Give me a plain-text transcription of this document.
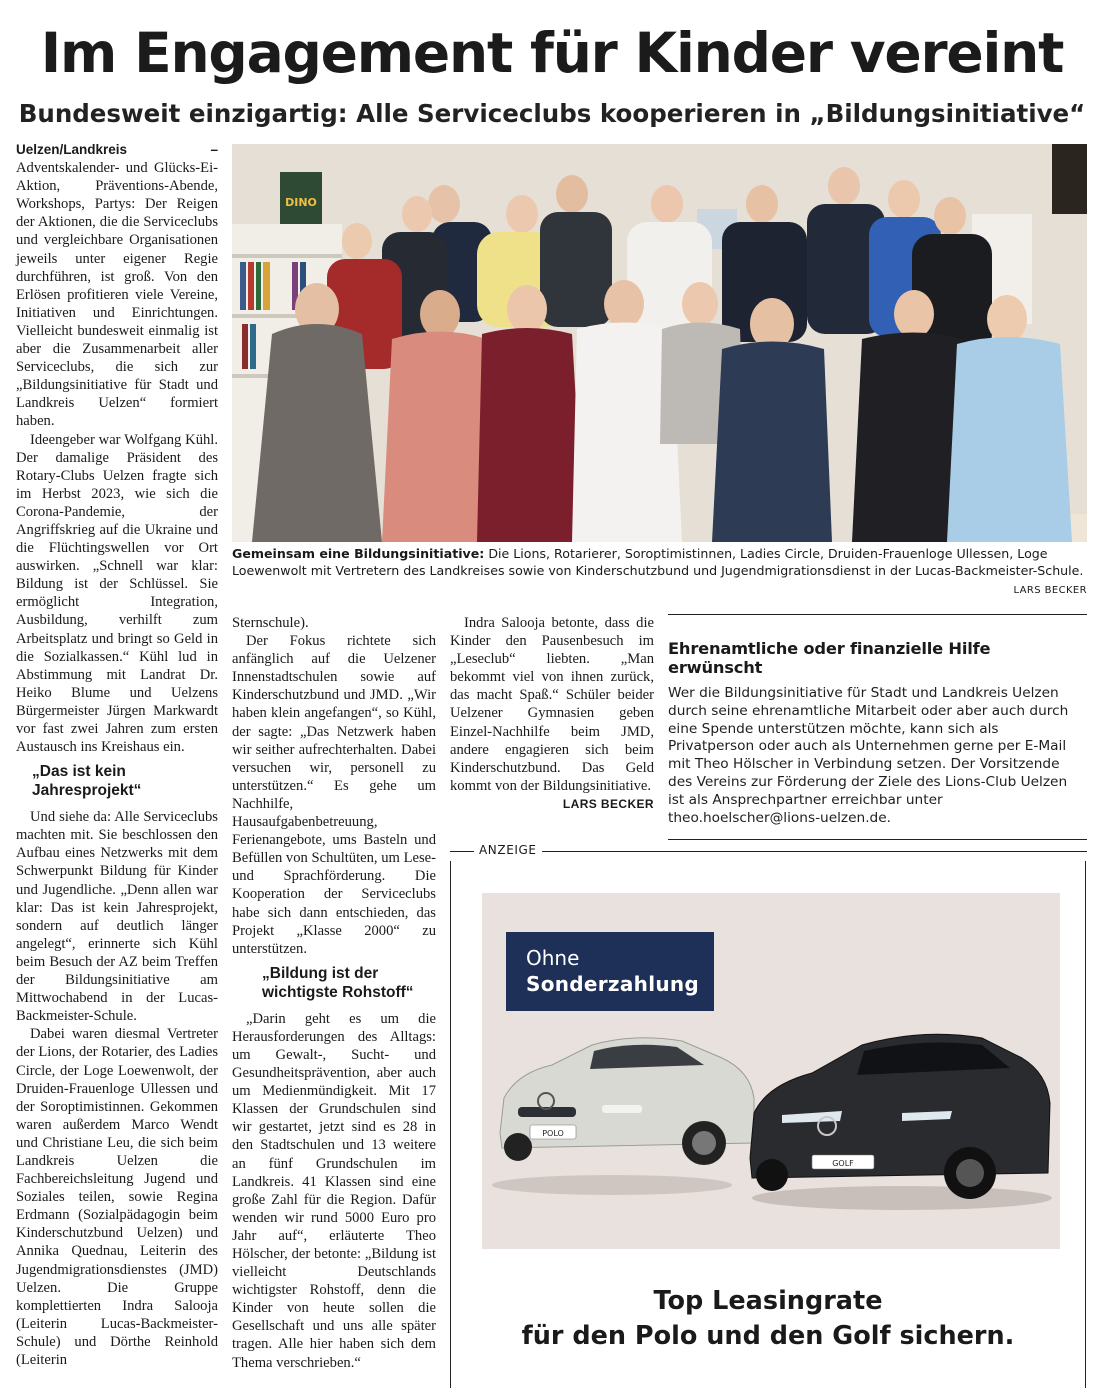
Im Engagement für Kinder vereint
Bundesweit einzigartig: Alle Serviceclubs kooperieren in „Bildungsinitiative“

Uelzen/Landkreis – Adventskalender- und Glücks-Ei-Aktion, Präventions-Abende, Workshops, Partys: Der Reigen der Aktionen, die die Serviceclubs und vergleichbare Organisationen jeweils unter eigener Regie durchführen, ist groß. Von den Erlösen profitieren viele Vereine, Initiativen und Einrichtungen. Vielleicht bundesweit einmalig ist aber die Zusammenarbeit aller Serviceclubs, die sich zur „Bildungsinitiative für Stadt und Landkreis Uelzen“ formiert haben.

Ideengeber war Wolfgang Kühl. Der damalige Präsident des Rotary-Clubs Uelzen fragte sich im Herbst 2023, wie sich die Corona-Pandemie, der Angriffskrieg auf die Ukraine und die Flüchtingswellen vor Ort auswirken. „Schnell war klar: Bildung ist der Schlüssel. Sie ermöglicht Integration, Ausbildung, verhilft zum Arbeitsplatz und bringt so Geld in die Sozialkassen.“ Kühl lud in Abstimmung mit Landrat Dr. Heiko Blume und Uelzens Bürgermeister Jürgen Markwardt vor fast zwei Jahren zum ersten Austausch ins Kreishaus ein.

„Das ist kein Jahresprojekt“

Und siehe da: Alle Serviceclubs machten mit. Sie beschlossen den Aufbau eines Netzwerks mit dem Schwerpunkt Bildung für Kinder und Jugendliche. „Denn allen war klar: Das ist kein Jahresprojekt, sondern auf deutlich länger angelegt“, erinnerte sich Kühl beim Besuch der AZ beim Treffen der Bildungsinitiative am Mittwochabend in der Lucas-Backmeister-Schule.

Dabei waren diesmal Vertreter der Lions, der Rotarier, des Ladies Circle, der Loge Loewenwolt, der Druiden-Frauenloge Ullessen und der Soroptimistinnen. Gekommen waren außerdem Marco Wendt und Christiane Leu, die sich beim Landkreis Uelzen die Fachbereichsleitung Jugend und Soziales teilen, sowie Regina Erdmann (Sozialpädagogin beim Kinderschutzbund Uelzen) und Annika Quednau, Leiterin des Jugendmigrationsdienstes (JMD) Uelzen. Die Gruppe komplettierten Indra Salooja (Leiterin Lucas-Backmeister-Schule) und Dörthe Reinhold (Leiterin

DINO
Gemeinsam eine Bildungsinitiative: Die Lions, Rotarierer, Soroptimistinnen, Ladies Circle, Druiden-Frauenloge Ullessen, Loge Loewenwolt mit Vertretern des Landkreises sowie von Kinderschutzbund und Jugendmigrationsdienst in der Lucas-Backmeister-Schule.
LARS BECKER

Sternschule).

Der Fokus richtete sich anfänglich auf die Uelzener Innenstadtschulen sowie auf Kinderschutzbund und JMD. „Wir haben klein angefangen“, so Kühl, der sagte: „Das Netzwerk haben wir seither aufrechterhalten. Dabei versuchen wir, personell zu unterstützen.“ Es gehe um Nachhilfe, Hausaufgabenbetreuung, Ferienangebote, ums Basteln und Befüllen von Schultüten, um Lese- und Sprachförderung. Die Kooperation der Serviceclubs habe sich dann entschieden, das Projekt „Klasse 2000“ zu unterstützen.

„Bildung ist der wichtigste Rohstoff“

„Darin geht es um die Herausforderungen des Alltags: um Gewalt-, Sucht- und Gesundheitsprävention, aber auch um Medienmündigkeit. Mit 17 Klassen der Grundschulen sind wir gestartet, jetzt sind es 28 in den Stadtschulen und 13 weitere an fünf Grundschulen im Landkreis. 41 Klassen sind eine große Zahl für die Region. Dafür wenden wir rund 5000 Euro pro Jahr auf“, erläuterte Theo Hölscher, der betonte: „Bildung ist vielleicht Deutschlands wichtigster Rohstoff, denn die Kinder von heute sollen die Gesellschaft und uns alle später tragen. Alle hier haben sich dem Thema verschrieben.“

Indra Salooja betonte, dass die Kinder den Pausenbesuch im „Leseclub“ liebten. „Man bekommt viel von ihnen zurück, das macht Spaß.“ Schüler beider Uelzener Gymnasien geben Einzel-Nachhilfe beim JMD, andere engagieren sich beim Kinderschutzbund. Das Geld kommt von der Bildungsinitiative.
LARS BECKER

Ehrenamtliche oder finanzielle Hilfe erwünscht

Wer die Bildungsinitiative für Stadt und Landkreis Uelzen durch seine ehrenamtliche Mitarbeit oder aber auch durch eine Spende unterstützen möchte, kann sich als Privatperson oder auch als Unternehmen gerne per E-Mail mit Theo Hölscher in Verbindung setzen. Der Vorsitzende des Vereins zur Förderung der Ziele des Lions-Club Uelzen ist als Ansprechpartner erreichbar unter theo.hoelscher@lions-uelzen.de.

ANZEIGE
POLO
GOLF
Ohne
Sonderzahlung
Top Leasingrate
für den Polo und den Golf sichern.
